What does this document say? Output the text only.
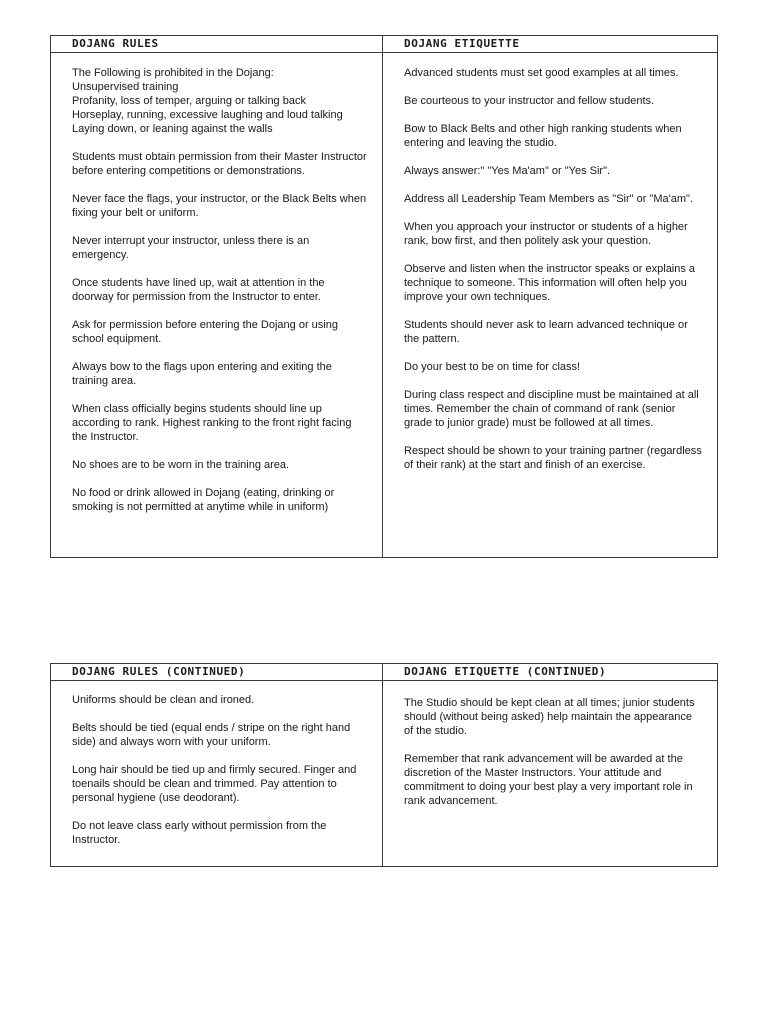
DOJANG RULES	DOJANG ETIQUETTE
The Following is prohibited in the Dojang:
Unsupervised training
Profanity, loss of temper, arguing or talking back
Horseplay, running, excessive laughing and loud talking
Laying down, or leaning against the walls

Students must obtain permission from their Master Instructor before entering competitions or demonstrations.

Never face the flags, your instructor, or the Black Belts when fixing your belt or uniform.

Never interrupt your instructor, unless there is an emergency.

Once students have lined up, wait at attention in the doorway for permission from the Instructor to enter.

Ask for permission before entering the Dojang or using school equipment.

Always bow to the flags upon entering and exiting the training area.

When class officially begins students should line up according to rank. Highest ranking to the front right facing the Instructor.

No shoes are to be worn in the training area.

No food or drink allowed in Dojang (eating, drinking or smoking is not permitted at anytime while in uniform)

Advanced students must set good examples at all times.

Be courteous to your instructor and fellow students.

Bow to Black Belts and other high ranking students when entering and leaving the studio.

Always answer:" "Yes Ma'am" or "Yes Sir".

Address all Leadership Team Members as "Sir" or "Ma'am".

When you approach your instructor or students of a higher rank, bow first, and then politely ask your question.

Observe and listen when the instructor speaks or explains a technique to someone. This information will often help you improve your own techniques.

Students should never ask to learn advanced technique or the pattern.

Do your best to be on time for class!

During class respect and discipline must be maintained at all times. Remember the chain of command of rank (senior grade to junior grade) must be followed at all times.

Respect should be shown to your training partner (regardless of their rank) at the start and finish of an exercise.

DOJANG RULES (CONTINUED)	DOJANG ETIQUETTE (CONTINUED)

Uniforms should be clean and ironed.

Belts should be tied (equal ends / stripe on the right hand side) and always worn with your uniform.

Long hair should be tied up and firmly secured. Finger and toenails should be clean and trimmed. Pay attention to personal hygiene (use deodorant).

Do not leave class early without permission from the Instructor.

The Studio should be kept clean at all times; junior students should (without being asked) help maintain the appearance of the studio.

Remember that rank advancement will be awarded at the discretion of the Master Instructors. Your attitude and commitment to doing your best play a very important role in rank advancement.
